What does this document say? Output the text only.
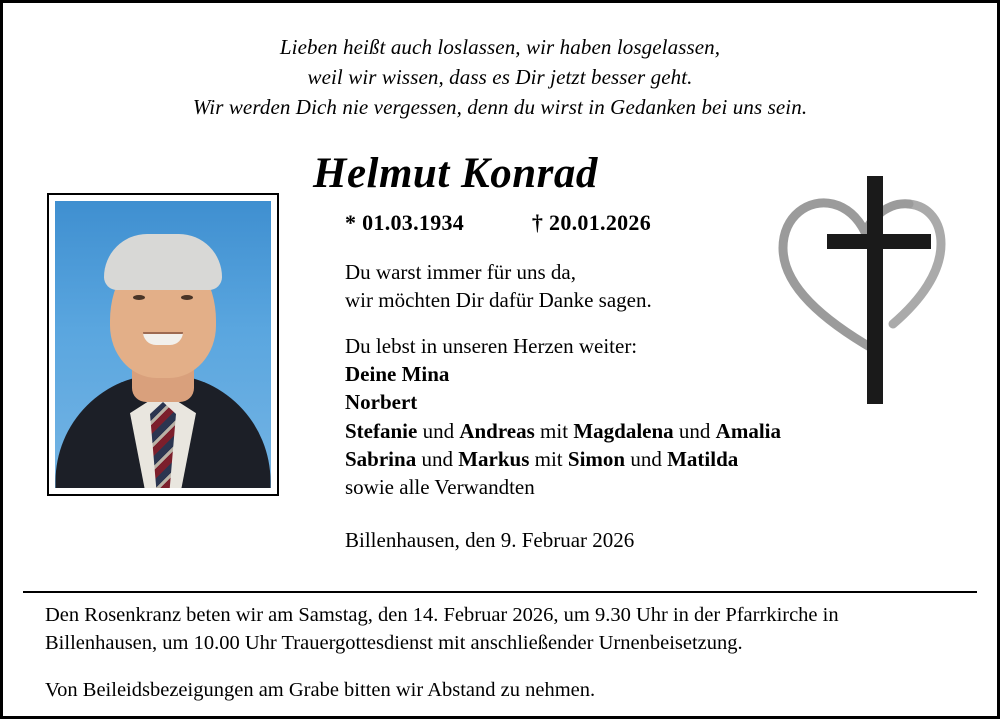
Lieben heißt auch loslassen, wir haben losgelassen,
weil wir wissen, dass es Dir jetzt besser geht.
Wir werden Dich nie vergessen, denn du wirst in Gedanken bei uns sein.
Helmut Konrad
* 01.03.1934	† 20.01.2026
Du warst immer für uns da,
wir möchten Dir dafür Danke sagen.
Du lebst in unseren Herzen weiter:
Deine Mina
Norbert
Stefanie und Andreas mit Magdalena und Amalia
Sabrina und Markus mit Simon und Matilda
sowie alle Verwandten
Billenhausen, den 9. Februar 2026

Den Rosenkranz beten wir am Samstag, den 14. Februar 2026, um 9.30 Uhr in der Pfarrkirche in Billenhausen, um 10.00 Uhr Trauergottesdienst mit anschließender Urnenbeisetzung.

Von Beileidsbezeigungen am Grabe bitten wir Abstand zu nehmen.
